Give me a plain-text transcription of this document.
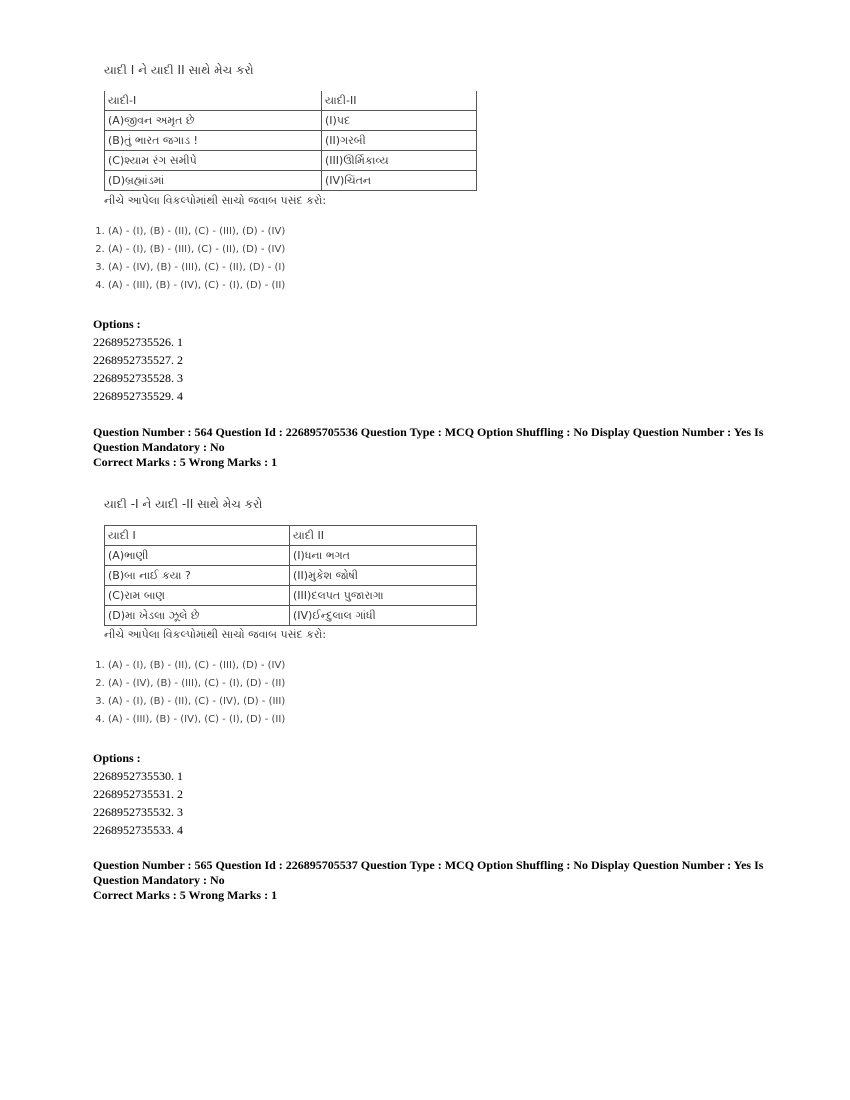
યાદી I ને યાદી II સાથે મેચ કરો
યાદી-I	યાદી-II
(A)જીવન અમૃત છે	(I)પદ
(B)તું ભારત જગાડ !	(II)ગરબી
(C)શ્યામ રંગ સમીપે	(III)ઊર્મિકાવ્ય
(D)બ્રહ્માંડમાં	(IV)ચિંતન
નીચે આપેલા વિકલ્પોમાંથી સાચો જવાબ પસંદ કરો:
1. (A) - (I), (B) - (II), (C) - (III), (D) - (IV)
2. (A) - (I), (B) - (III), (C) - (II), (D) - (IV)
3. (A) - (IV), (B) - (III), (C) - (II), (D) - (I)
4. (A) - (III), (B) - (IV), (C) - (I), (D) - (II)
Options :
2268952735526. 1
2268952735527. 2
2268952735528. 3
2268952735529. 4
Question Number : 564 Question Id : 226895705536 Question Type : MCQ Option Shuffling : No Display Question Number : Yes Is Question Mandatory : No
Correct Marks : 5 Wrong Marks : 1
યાદી -I ને યાદી -II સાથે મેચ કરો
યાદી I	યાદી II
(A)ભાણી	(I)ધના ભગત
(B)બા નાઈ કયા ?	(II)મુકેશ જોષી
(C)રામ બાણ	(III)દલપત પુજારાગા
(D)મા ખેડલા ઝૂલે છે	(IV)ઈન્દુલાલ ગાંધી
નીચે આપેલા વિકલ્પોમાંથી સાચો જવાબ પસંદ કરો:
1. (A) - (I), (B) - (II), (C) - (III), (D) - (IV)
2. (A) - (IV), (B) - (III), (C) - (I), (D) - (II)
3. (A) - (I), (B) - (II), (C) - (IV), (D) - (III)
4. (A) - (III), (B) - (IV), (C) - (I), (D) - (II)
Options :
2268952735530. 1
2268952735531. 2
2268952735532. 3
2268952735533. 4
Question Number : 565 Question Id : 226895705537 Question Type : MCQ Option Shuffling : No Display Question Number : Yes Is Question Mandatory : No
Correct Marks : 5 Wrong Marks : 1
